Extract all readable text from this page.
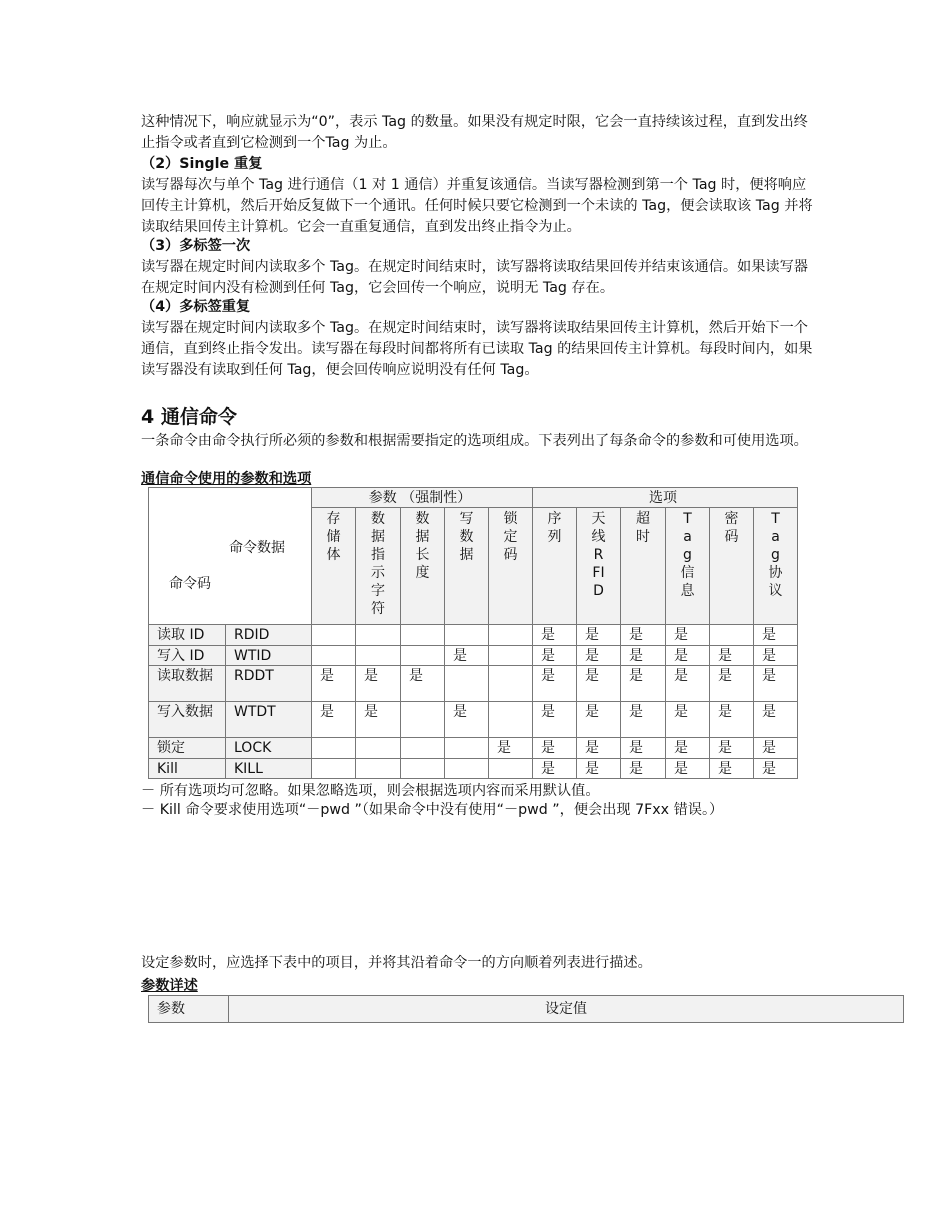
这种情况下，响应就显示为“0”，表示 Tag 的数量。如果没有规定时限，它会一直持续该过程，直到发出终止指令或者直到它检测到一个Tag 为止。

（2）Single 重复

读写器每次与单个 Tag 进行通信（1 对 1 通信）并重复该通信。当读写器检测到第一个 Tag 时，便将响应回传主计算机，然后开始反复做下一个通讯。任何时候只要它检测到一个未读的 Tag，便会读取该 Tag 并将读取结果回传主计算机。它会一直重复通信，直到发出终止指令为止。

（3）多标签一次

读写器在规定时间内读取多个 Tag。在规定时间结束时，读写器将读取结果回传并结束该通信。如果读写器在规定时间内没有检测到任何 Tag，它会回传一个响应，说明无 Tag 存在。

（4）多标签重复

读写器在规定时间内读取多个 Tag。在规定时间结束时，读写器将读取结果回传主计算机，然后开始下一个通信，直到终止指令发出。读写器在每段时间都将所有已读取 Tag 的结果回传主计算机。每段时间内，如果读写器没有读取到任何 Tag，便会回传响应说明没有任何 Tag。

4 通信命令

一条命令由命令执行所必须的参数和根据需要指定的选项组成。下表列出了每条命令的参数和可使用选项。

通信命令使用的参数和选项

命令数据
命令码		参数 （强制性）					选项					

		存储体	数据指示字符	数据长度	写数据	锁定码	序列	天线RFID	超时	Tag信息	密码	Tag协议

读取 ID	RDID						是	是	是	是		是
写入 ID	WTID				是		是	是	是	是	是	是
读取数据	RDDT	是	是	是			是	是	是	是	是	是
写入数据	WTDT	是	是		是		是	是	是	是	是	是
锁定	LOCK					是	是	是	是	是	是	是
Kill	KILL						是	是	是	是	是	是

－ 所有选项均可忽略。如果忽略选项，则会根据选项内容而采用默认值。

－ Kill 命令要求使用选项“－pwd ”（如果命令中没有使用“－pwd ”，便会出现 7Fxx 错误。）

设定参数时，应选择下表中的项目，并将其沿着命令一的方向顺着列表进行描述。

参数详述

参数	设定值
